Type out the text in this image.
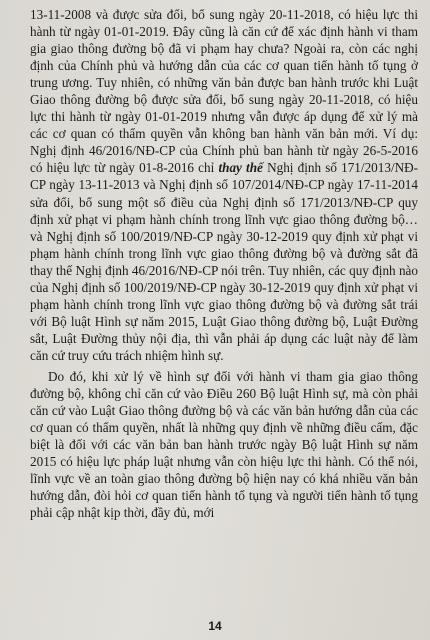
13-11-2008 và được sửa đổi, bổ sung ngày 20-11-2018, có hiệu lực thi hành từ ngày 01-01-2019. Đây cũng là căn cứ để xác định hành vi tham gia giao thông đường bộ đã vi phạm hay chưa? Ngoài ra, còn các nghị định của Chính phủ và hướng dẫn của các cơ quan tiến hành tố tụng ở trung ương. Tuy nhiên, có những văn bản được ban hành trước khi Luật Giao thông đường bộ được sửa đổi, bổ sung ngày 20-11-2018, có hiệu lực thi hành từ ngày 01-01-2019 nhưng vẫn được áp dụng để xử lý mà các cơ quan có thẩm quyền vẫn không ban hành văn bản mới. Ví dụ: Nghị định 46/2016/NĐ-CP của Chính phủ ban hành từ ngày 26-5-2016 có hiệu lực từ ngày 01-8-2016 chỉ thay thế Nghị định số 171/2013/NĐ-CP ngày 13-11-2013 và Nghị định số 107/2014/NĐ-CP ngày 17-11-2014 sửa đổi, bổ sung một số điều của Nghị định số 171/2013/NĐ-CP quy định xử phạt vi phạm hành chính trong lĩnh vực giao thông đường bộ… và Nghị định số 100/2019/NĐ-CP ngày 30-12-2019 quy định xử phạt vi phạm hành chính trong lĩnh vực giao thông đường bộ và đường sắt đã thay thế Nghị định 46/2016/NĐ-CP nói trên. Tuy nhiên, các quy định nào của Nghị định số 100/2019/NĐ-CP ngày 30-12-2019 quy định xử phạt vi phạm hành chính trong lĩnh vực giao thông đường bộ và đường sắt trái với Bộ luật Hình sự năm 2015, Luật Giao thông đường bộ, Luật Đường sắt, Luật Đường thủy nội địa, thì vẫn phải áp dụng các luật này để làm căn cứ truy cứu trách nhiệm hình sự.

Do đó, khi xử lý về hình sự đối với hành vi tham gia giao thông đường bộ, không chỉ căn cứ vào Điều 260 Bộ luật Hình sự, mà còn phải căn cứ vào Luật Giao thông đường bộ và các văn bản hướng dẫn của các cơ quan có thẩm quyền, nhất là những quy định về những điều cấm, đặc biệt là đối với các văn bản ban hành trước ngày Bộ luật Hình sự năm 2015 có hiệu lực pháp luật nhưng vẫn còn hiệu lực thi hành. Có thể nói, lĩnh vực về an toàn giao thông đường bộ hiện nay có khá nhiều văn bản hướng dẫn, đòi hỏi cơ quan tiến hành tố tụng và người tiến hành tố tụng phải cập nhật kịp thời, đầy đủ, mới

14
